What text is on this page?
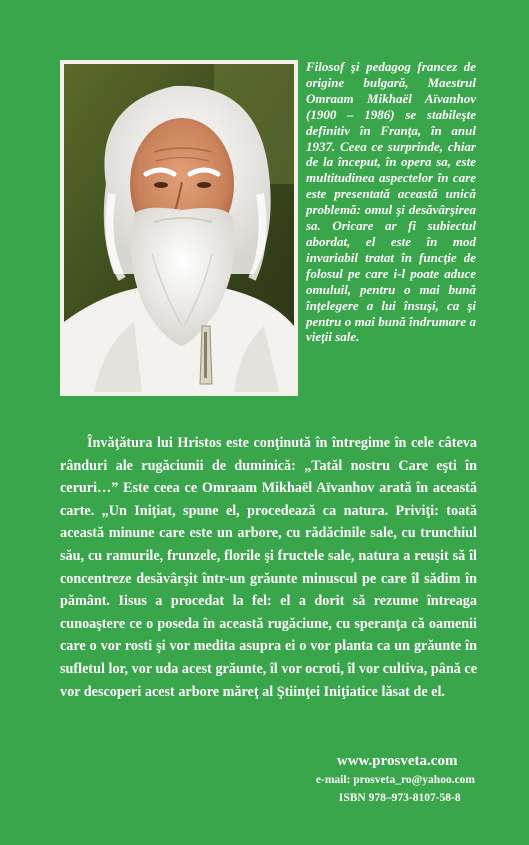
Filosof şi pedagog francez de origine bulgară, Maestrul Omraam Mikhaël Aïvanhov (1900 – 1986) se stabileşte definitiv în Franţa, în anul 1937. Ceea ce surprinde, chiar de la început, în opera sa, este multitudinea aspectelor în care este presentată această unică problemă: omul şi desăvârşirea sa. Oricare ar fi subiectul abordat, el este în mod invariabil tratat în funcţie de folosul pe care i-l poate aduce omuluil, pentru o mai bună înţelegere a lui însuşi, ca şi pentru o mai bună îndrumare a vieţii sale.

Învăţătura lui Hristos este conţinută în întregime în cele câteva rânduri ale rugăciunii de duminică: „Tatăl nostru Care eşti în ceruri…” Este ceea ce Omraam Mikhaël Aïvanhov arată în această carte. „Un Iniţiat, spune el, procedează ca natura. Priviţi: toată această minune care este un arbore, cu rădăcinile sale, cu trunchiul său, cu ramurile, frunzele, florile şi fructele sale, natura a reuşit să îl concentreze desăvârşit într-un grăunte minuscul pe care îl sădim în pământ. Iisus a procedat la fel: el a dorit să rezume întreaga cunoaştere ce o poseda în această rugăciune, cu speranţa că oamenii care o vor rosti şi vor medita asupra ei o vor planta ca un grăunte în sufletul lor, vor uda acest grăunte, îl vor ocroti, îl vor cultiva, până ce vor descoperi acest arbore măreţ al Ştiinţei Iniţiatice lăsat de el.

www.prosveta.com
e-mail: prosveta_ro@yahoo.com
ISBN 978–973-8107-58-8
